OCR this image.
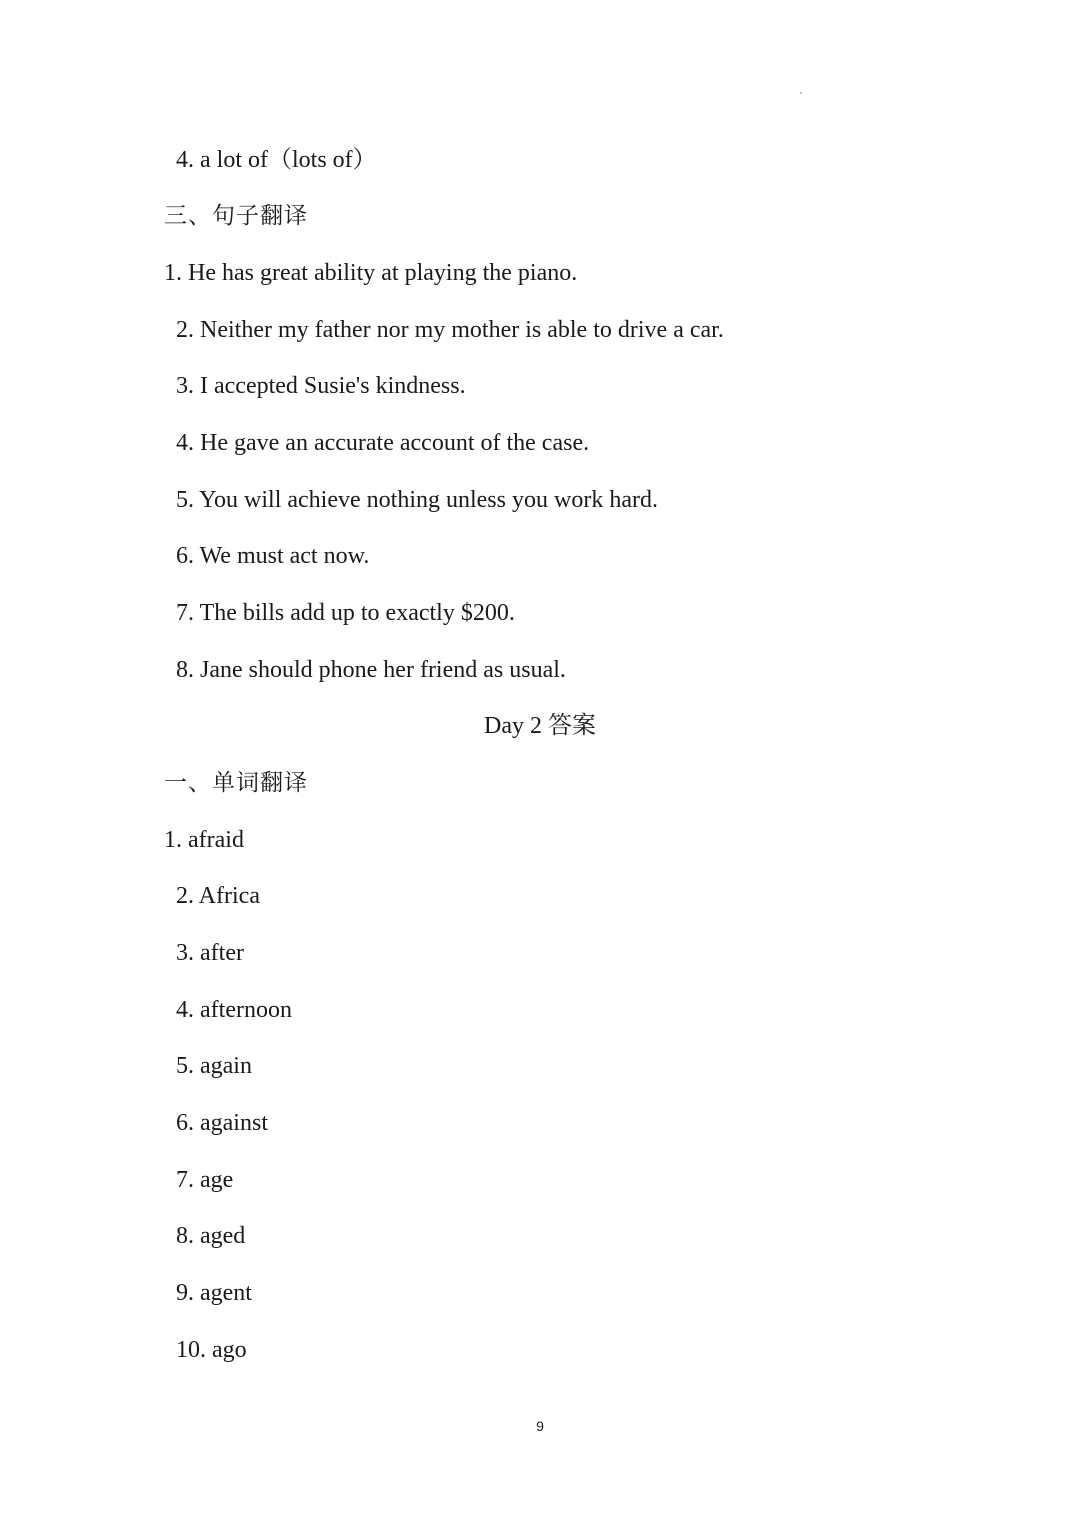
4. a lot of（lots of）
三、句子翻译
1. He has great ability at playing the piano.
2. Neither my father nor my mother is able to drive a car.
3. I accepted Susie's kindness.
4. He gave an accurate account of the case.
5. You will achieve nothing unless you work hard.
6. We must act now.
7. The bills add up to exactly $200.
8. Jane should phone her friend as usual.
Day 2 答案
一、单词翻译
1. afraid
2. Africa
3. after
4. afternoon
5. again
6. against
7. age
8. aged
9. agent
10. ago
9
